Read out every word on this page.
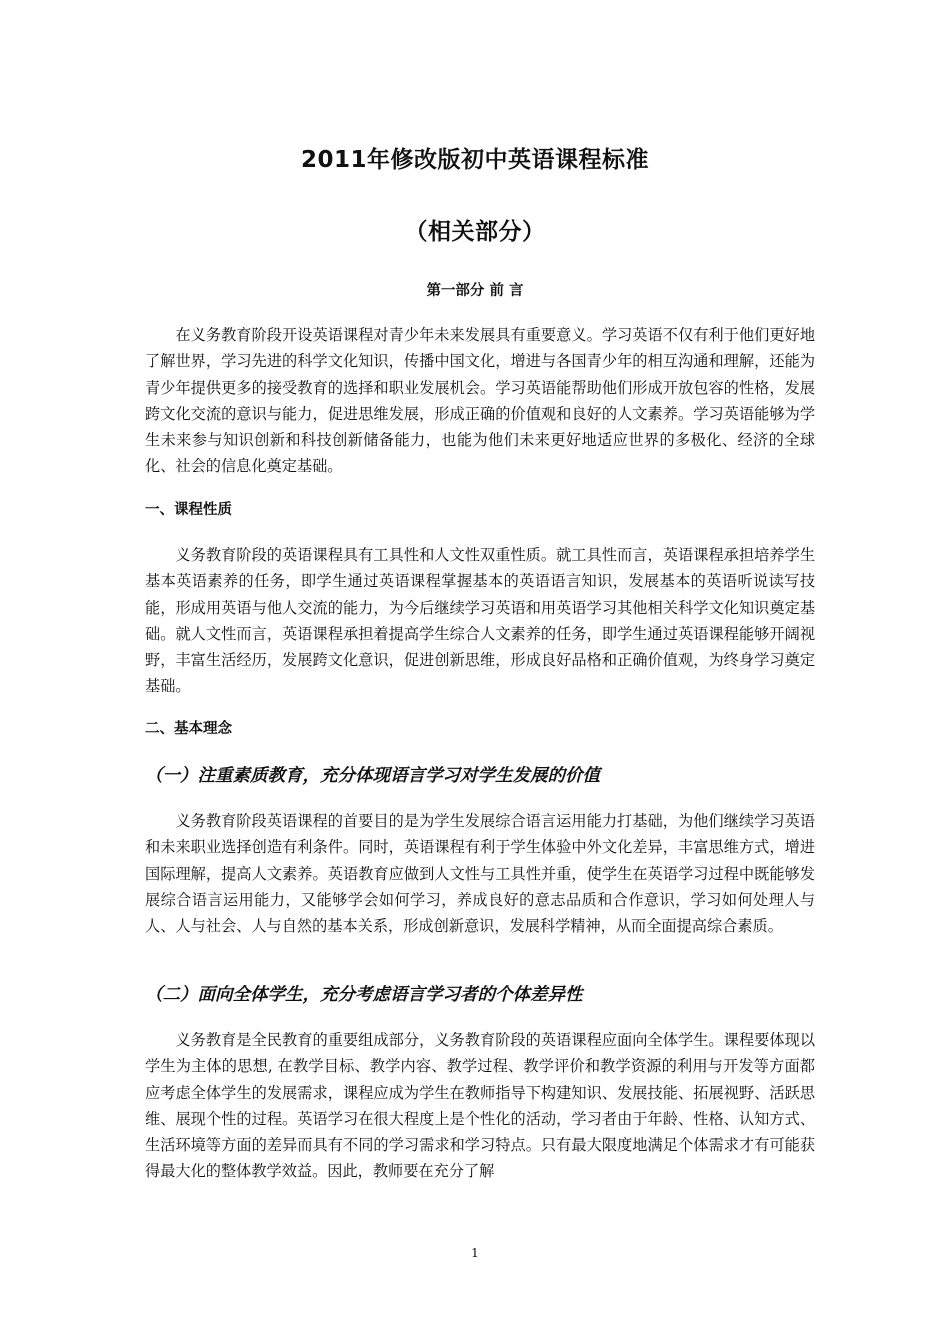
2011年修改版初中英语课程标准
（相关部分）
第一部分 前 言

在义务教育阶段开设英语课程对青少年未来发展具有重要意义。学习英语不仅有利于他们更好地了解世界，学习先进的科学文化知识，传播中国文化，增进与各国青少年的相互沟通和理解，还能为青少年提供更多的接受教育的选择和职业发展机会。学习英语能帮助他们形成开放包容的性格，发展跨文化交流的意识与能力，促进思维发展，形成正确的价值观和良好的人文素养。学习英语能够为学生未来参与知识创新和科技创新储备能力，也能为他们未来更好地适应世界的多极化、经济的全球化、社会的信息化奠定基础。

一、课程性质

义务教育阶段的英语课程具有工具性和人文性双重性质。就工具性而言，英语课程承担培养学生基本英语素养的任务，即学生通过英语课程掌握基本的英语语言知识，发展基本的英语听说读写技能，形成用英语与他人交流的能力，为今后继续学习英语和用英语学习其他相关科学文化知识奠定基础。就人文性而言，英语课程承担着提高学生综合人文素养的任务，即学生通过英语课程能够开阔视野，丰富生活经历，发展跨文化意识，促进创新思维，形成良好品格和正确价值观，为终身学习奠定基础。

二、基本理念
（一）注重素质教育，充分体现语言学习对学生发展的价值

义务教育阶段英语课程的首要目的是为学生发展综合语言运用能力打基础，为他们继续学习英语和未来职业选择创造有利条件。同时，英语课程有利于学生体验中外文化差异，丰富思维方式，增进国际理解，提高人文素养。英语教育应做到人文性与工具性并重，使学生在英语学习过程中既能够发展综合语言运用能力，又能够学会如何学习，养成良好的意志品质和合作意识，学习如何处理人与人、人与社会、人与自然的基本关系，形成创新意识，发展科学精神，从而全面提高综合素质。

（二）面向全体学生，充分考虑语言学习者的个体差异性

义务教育是全民教育的重要组成部分，义务教育阶段的英语课程应面向全体学生。课程要体现以学生为主体的思想, 在教学目标、教学内容、教学过程、教学评价和教学资源的利用与开发等方面都应考虑全体学生的发展需求，课程应成为学生在教师指导下构建知识、发展技能、拓展视野、活跃思维、展现个性的过程。英语学习在很大程度上是个性化的活动，学习者由于年龄、性格、认知方式、生活环境等方面的差异而具有不同的学习需求和学习特点。只有最大限度地满足个体需求才有可能获得最大化的整体教学效益。因此，教师要在充分了解

1
